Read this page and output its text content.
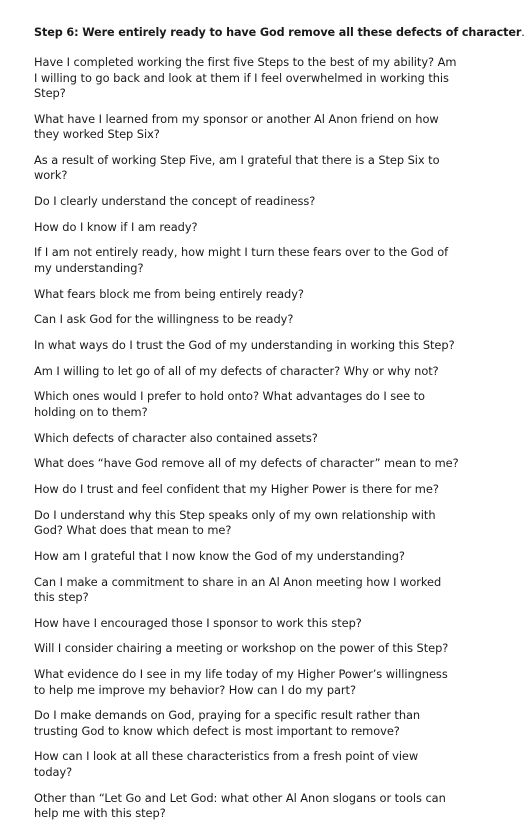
Step 6: Were entirely ready to have God remove all these defects of character.
Have I completed working the first five Steps to the best of my ability? Am I willing to go back and look at them if I feel overwhelmed in working this Step?
What have I learned from my sponsor or another Al Anon friend on how they worked Step Six?
As a result of working Step Five, am I grateful that there is a Step Six to work?
Do I clearly understand the concept of readiness?
How do I know if I am ready?
If I am not entirely ready, how might I turn these fears over to the God of my understanding?
What fears block me from being entirely ready?
Can I ask God for the willingness to be ready?
In what ways do I trust the God of my understanding in working this Step?
Am I willing to let go of all of my defects of character? Why or why not?
Which ones would I prefer to hold onto? What advantages do I see to holding on to them?
Which defects of character also contained assets?
What does “have God remove all of my defects of character” mean to me?
How do I trust and feel confident that my Higher Power is there for me?
Do I understand why this Step speaks only of my own relationship with God? What does that mean to me?
How am I grateful that I now know the God of my understanding?
Can I make a commitment to share in an Al Anon meeting how I worked this step?
How have I encouraged those I sponsor to work this step?
Will I consider chairing a meeting or workshop on the power of this Step?
What evidence do I see in my life today of my Higher Power’s willingness to help me improve my behavior? How can I do my part?
Do I make demands on God, praying for a specific result rather than trusting God to know which defect is most important to remove?
How can I look at all these characteristics from a fresh point of view today?
Other than “Let Go and Let God: what other Al Anon slogans or tools can help me with this step?
